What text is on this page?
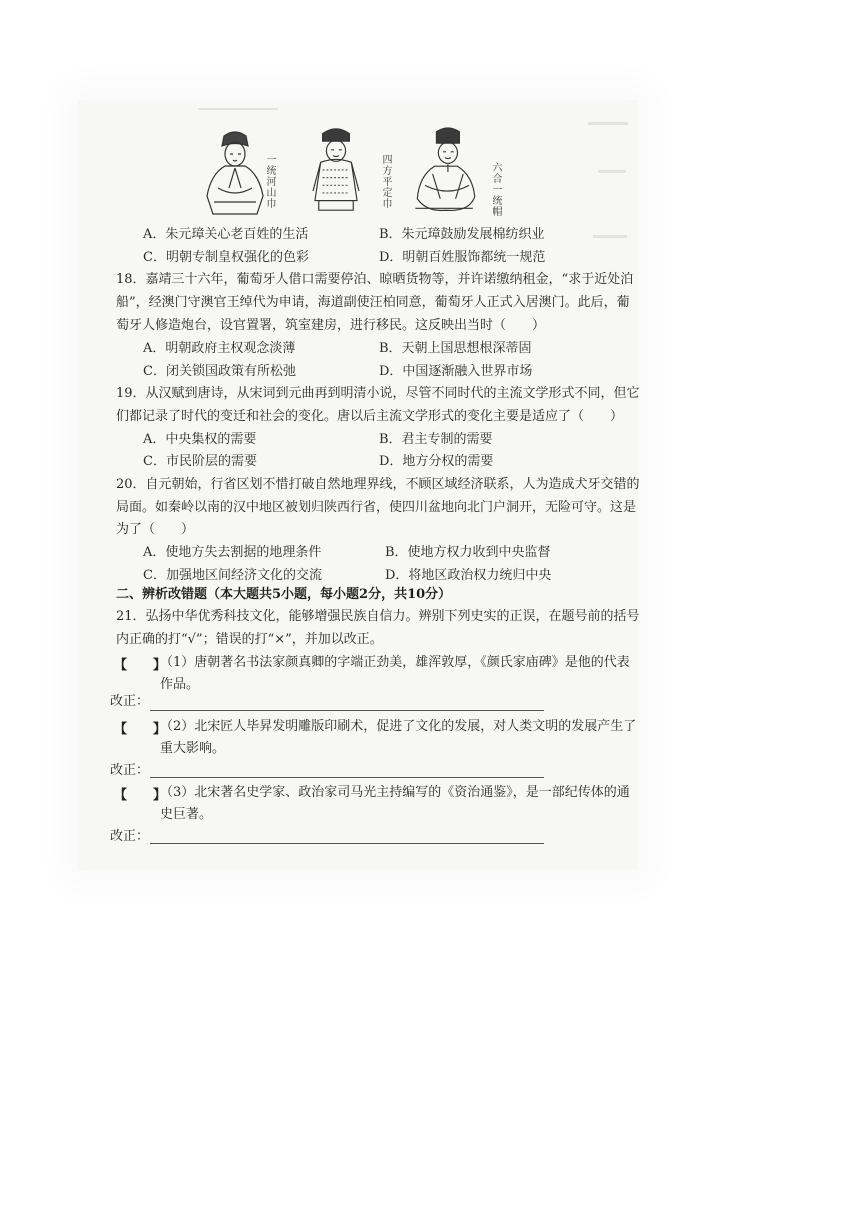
一统河山巾	四方平定巾	六合一统帽
A．朱元璋关心老百姓的生活	B．朱元璋鼓励发展棉纺织业
C．明朝专制皇权强化的色彩	D．明朝百姓服饰都统一规范
18．嘉靖三十六年，葡萄牙人借口需要停泊、晾晒货物等，并许诺缴纳租金，“求于近处泊
船”，经澳门守澳官王绰代为申请，海道副使汪柏同意，葡萄牙人正式入居澳门。此后，葡
萄牙人修造炮台，设官置署，筑室建房，进行移民。这反映出当时（　　）
A．明朝政府主权观念淡薄	B．天朝上国思想根深蒂固
C．闭关锁国政策有所松弛	D．中国逐渐融入世界市场
19．从汉赋到唐诗，从宋词到元曲再到明清小说，尽管不同时代的主流文学形式不同，但它
们都记录了时代的变迁和社会的变化。唐以后主流文学形式的变化主要是适应了（　　）
A．中央集权的需要	B．君主专制的需要
C．市民阶层的需要	D．地方分权的需要
20．自元朝始，行省区划不惜打破自然地理界线，不顾区域经济联系，人为造成犬牙交错的
局面。如秦岭以南的汉中地区被划归陕西行省，使四川盆地向北门户洞开，无险可守。这是
为了（　　）
A．使地方失去割据的地理条件	B．使地方权力收到中央监督
C．加强地区间经济文化的交流	D．将地区政治权力统归中央
二、辨析改错题（本大题共5小题，每小题2分，共10分）
21．弘扬中华优秀科技文化，能够增强民族自信力。辨别下列史实的正误，在题号前的括号
内正确的打“√”；错误的打“×”，并加以改正。
【　　】
（1）唐朝著名书法家颜真卿的字端正劲美，雄浑敦厚，《颜氏家庙碑》是他的代表
作品。
改正：
【　　】
（2）北宋匠人毕昇发明雕版印刷术，促进了文化的发展，对人类文明的发展产生了
重大影响。
改正：
【　　】
（3）北宋著名史学家、政治家司马光主持编写的《资治通鉴》，是一部纪传体的通
史巨著。
改正：
